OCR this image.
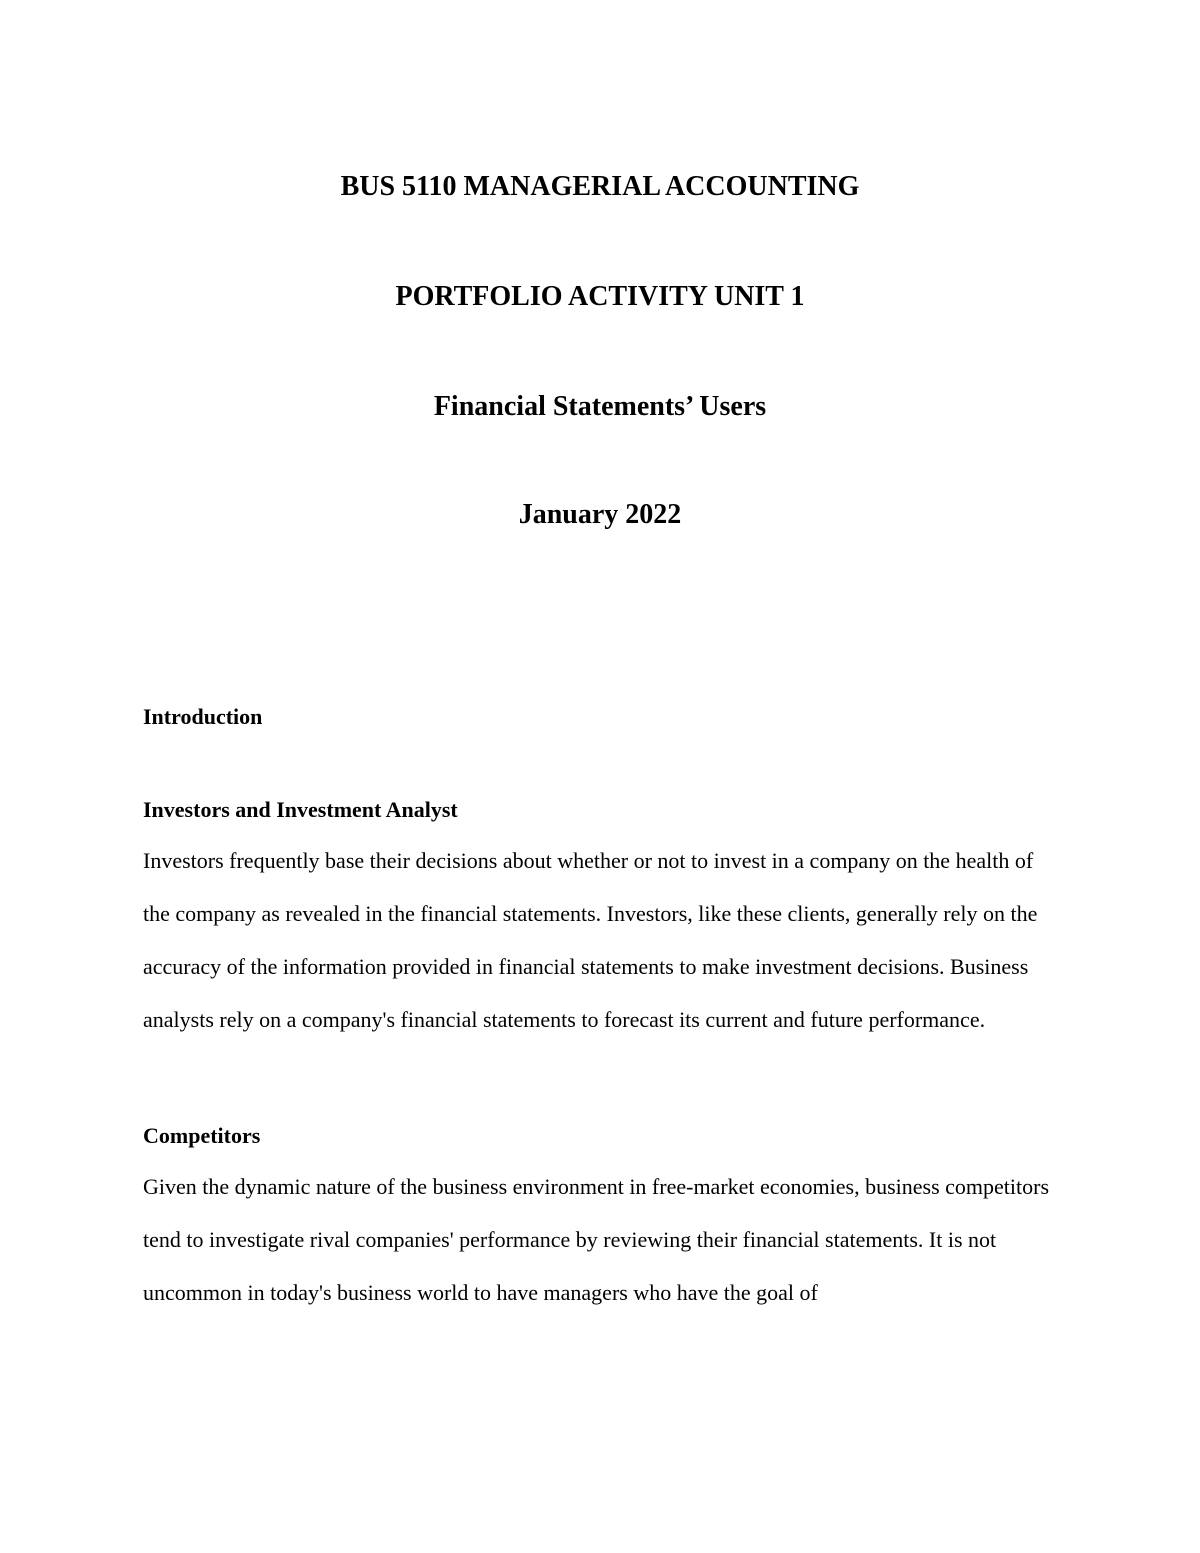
BUS 5110 MANAGERIAL ACCOUNTING
PORTFOLIO ACTIVITY UNIT 1
Financial Statements’ Users
January 2022
Introduction
Investors and Investment Analyst

Investors frequently base their decisions about whether or not to invest in a company on the health of the company as revealed in the financial statements. Investors, like these clients, generally rely on the accuracy of the information provided in financial statements to make investment decisions. Business analysts rely on a company's financial statements to forecast its current and future performance.

Competitors

Given the dynamic nature of the business environment in free-market economies, business competitors tend to investigate rival companies' performance by reviewing their financial statements. It is not uncommon in today's business world to have managers who have the goal of
